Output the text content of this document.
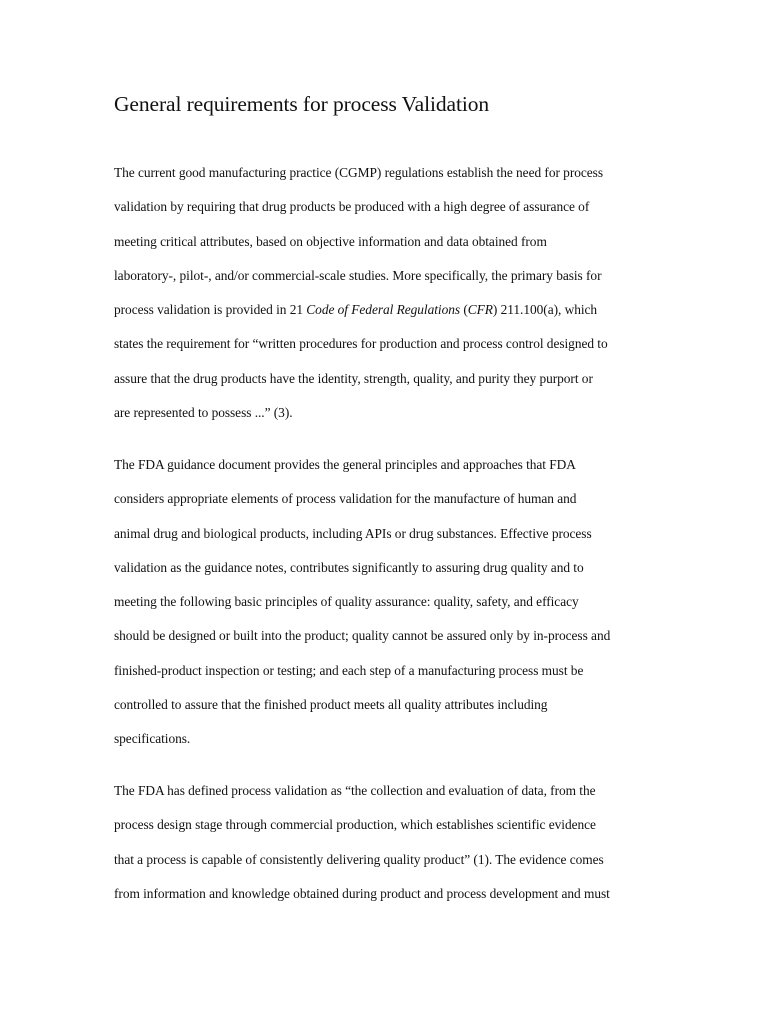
General requirements for process Validation

The current good manufacturing practice (CGMP) regulations establish the need for process
validation by requiring that drug products be produced with a high degree of assurance of
meeting critical attributes, based on objective information and data obtained from
laboratory-, pilot-, and/or commercial-scale studies. More specifically, the primary basis for
process validation is provided in 21 Code of Federal Regulations (CFR) 211.100(a), which
states the requirement for “written procedures for production and process control designed to
assure that the drug products have the identity, strength, quality, and purity they purport or
are represented to possess ...” (3).

The FDA guidance document provides the general principles and approaches that FDA
considers appropriate elements of process validation for the manufacture of human and
animal drug and biological products, including APIs or drug substances. Effective process
validation as the guidance notes, contributes significantly to assuring drug quality and to
meeting the following basic principles of quality assurance: quality, safety, and efficacy
should be designed or built into the product; quality cannot be assured only by in-process and
finished-product inspection or testing; and each step of a manufacturing process must be
controlled to assure that the finished product meets all quality attributes including
specifications.

The FDA has defined process validation as “the collection and evaluation of data, from the
process design stage through commercial production, which establishes scientific evidence
that a process is capable of consistently delivering quality product” (1). The evidence comes
from information and knowledge obtained during product and process development and must
